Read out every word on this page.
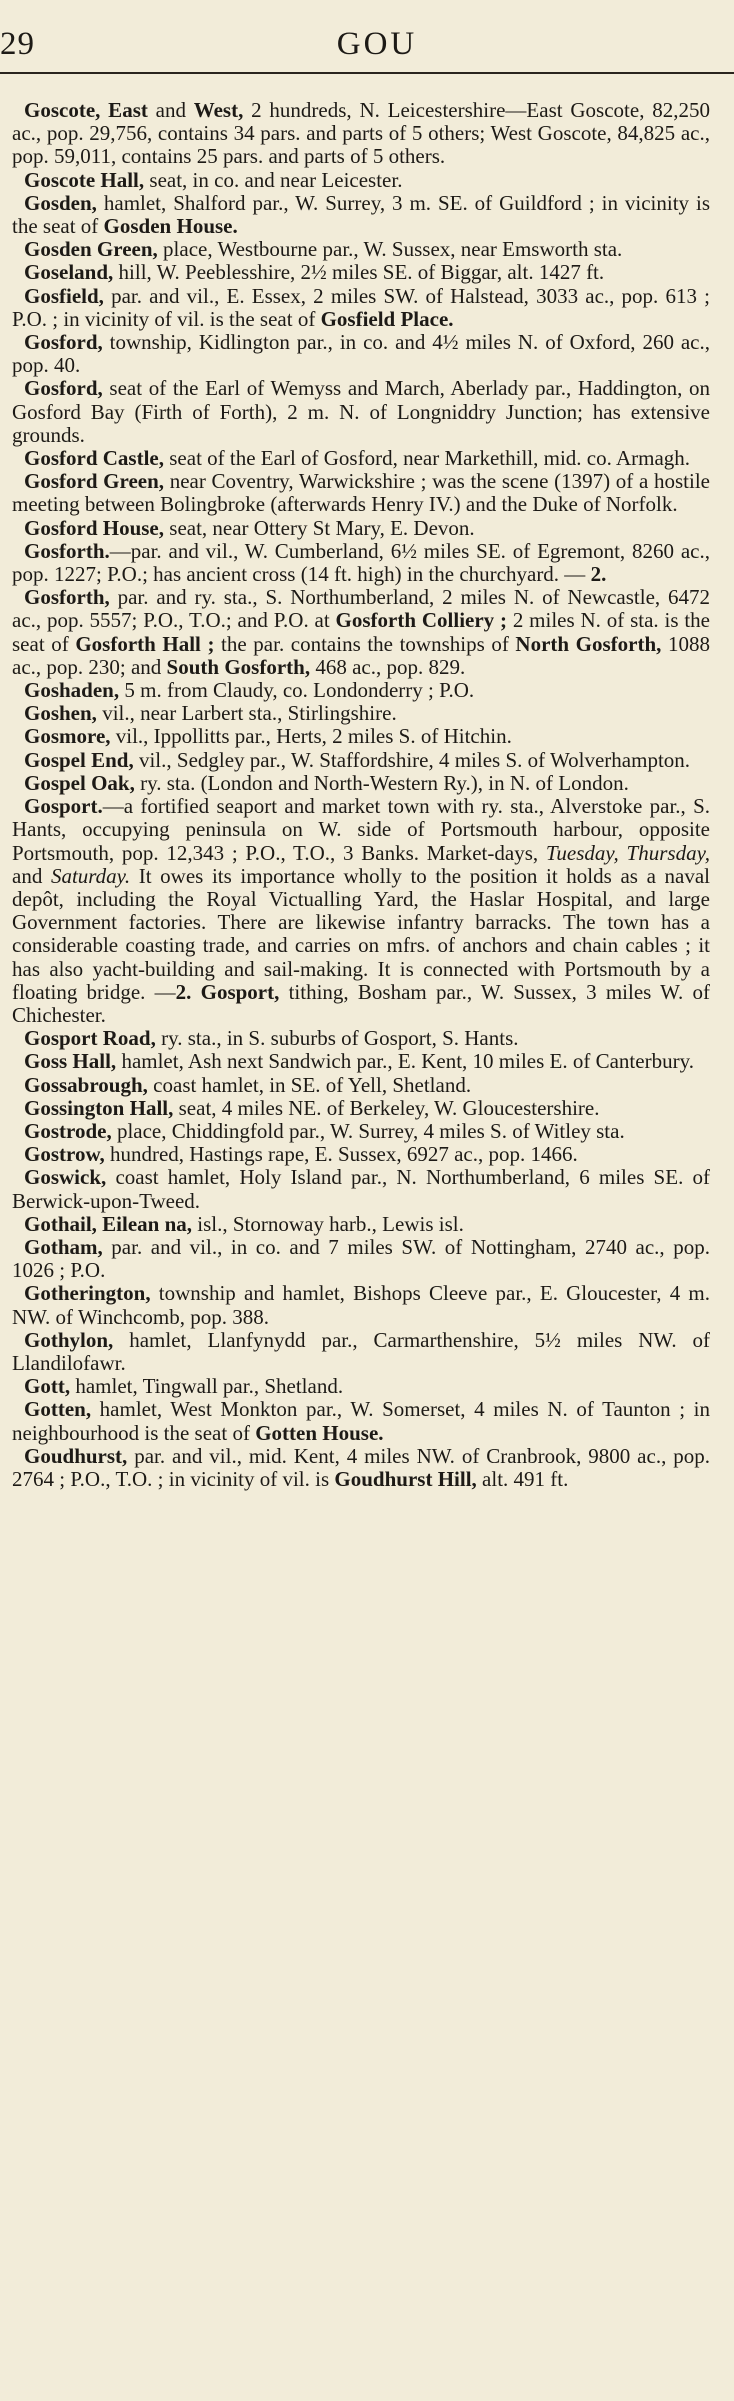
29	GOU

Goscote, East and West, 2 hundreds, N. Leicestershire—East Goscote, 82,250 ac., pop. 29,756, contains 34 pars. and parts of 5 others; West Goscote, 84,825 ac., pop. 59,011, contains 25 pars. and parts of 5 others.

Goscote Hall, seat, in co. and near Leicester.

Gosden, hamlet, Shalford par., W. Surrey, 3 m. SE. of Guildford ; in vicinity is the seat of Gosden House.

Gosden Green, place, Westbourne par., W. Sussex, near Emsworth sta.

Goseland, hill, W. Peeblesshire, 2½ miles SE. of Biggar, alt. 1427 ft.

Gosfield, par. and vil., E. Essex, 2 miles SW. of Halstead, 3033 ac., pop. 613 ; P.O. ; in vicinity of vil. is the seat of Gosfield Place.

Gosford, township, Kidlington par., in co. and 4½ miles N. of Oxford, 260 ac., pop. 40.

Gosford, seat of the Earl of Wemyss and March, Aberlady par., Haddington, on Gosford Bay (Firth of Forth), 2 m. N. of Longniddry Junction; has extensive grounds.

Gosford Castle, seat of the Earl of Gosford, near Markethill, mid. co. Armagh.

Gosford Green, near Coventry, Warwickshire ; was the scene (1397) of a hostile meeting between Bolingbroke (afterwards Henry IV.) and the Duke of Norfolk.

Gosford House, seat, near Ottery St Mary, E. Devon.

Gosforth.—par. and vil., W. Cumberland, 6½ miles SE. of Egremont, 8260 ac., pop. 1227; P.O.; has ancient cross (14 ft. high) in the churchyard. — 2.

Gosforth, par. and ry. sta., S. Northumberland, 2 miles N. of Newcastle, 6472 ac., pop. 5557; P.O., T.O.; and P.O. at Gosforth Colliery ; 2 miles N. of sta. is the seat of Gosforth Hall ; the par. contains the townships of North Gosforth, 1088 ac., pop. 230; and South Gosforth, 468 ac., pop. 829.

Goshaden, 5 m. from Claudy, co. Londonderry ; P.O.

Goshen, vil., near Larbert sta., Stirlingshire.

Gosmore, vil., Ippollitts par., Herts, 2 miles S. of Hitchin.

Gospel End, vil., Sedgley par., W. Staffordshire, 4 miles S. of Wolverhampton.

Gospel Oak, ry. sta. (London and North-Western Ry.), in N. of London.

Gosport.—a fortified seaport and market town with ry. sta., Alverstoke par., S. Hants, occupying peninsula on W. side of Portsmouth harbour, opposite Portsmouth, pop. 12,343 ; P.O., T.O., 3 Banks. Market-days, Tuesday, Thursday, and Saturday. It owes its importance wholly to the position it holds as a naval depôt, including the Royal Victualling Yard, the Haslar Hospital, and large Government factories. There are likewise infantry barracks. The town has a considerable coasting trade, and carries on mfrs. of anchors and chain cables ; it has also yacht-building and sail-making. It is connected with Portsmouth by a floating bridge. —2. Gosport, tithing, Bosham par., W. Sussex, 3 miles W. of Chichester.

Gosport Road, ry. sta., in S. suburbs of Gosport, S. Hants.

Goss Hall, hamlet, Ash next Sandwich par., E. Kent, 10 miles E. of Canterbury.

Gossabrough, coast hamlet, in SE. of Yell, Shetland.

Gossington Hall, seat, 4 miles NE. of Berkeley, W. Gloucestershire.

Gostrode, place, Chiddingfold par., W. Surrey, 4 miles S. of Witley sta.

Gostrow, hundred, Hastings rape, E. Sussex, 6927 ac., pop. 1466.

Goswick, coast hamlet, Holy Island par., N. Northumberland, 6 miles SE. of Berwick-upon-Tweed.

Gothail, Eilean na, isl., Stornoway harb., Lewis isl.

Gotham, par. and vil., in co. and 7 miles SW. of Nottingham, 2740 ac., pop. 1026 ; P.O.

Gotherington, township and hamlet, Bishops Cleeve par., E. Gloucester, 4 m. NW. of Winchcomb, pop. 388.

Gothylon, hamlet, Llanfynydd par., Carmarthenshire, 5½ miles NW. of Llandilofawr.

Gott, hamlet, Tingwall par., Shetland.

Gotten, hamlet, West Monkton par., W. Somerset, 4 miles N. of Taunton ; in neighbourhood is the seat of Gotten House.

Goudhurst, par. and vil., mid. Kent, 4 miles NW. of Cranbrook, 9800 ac., pop. 2764 ; P.O., T.O. ; in vicinity of vil. is Goudhurst Hill, alt. 491 ft.
